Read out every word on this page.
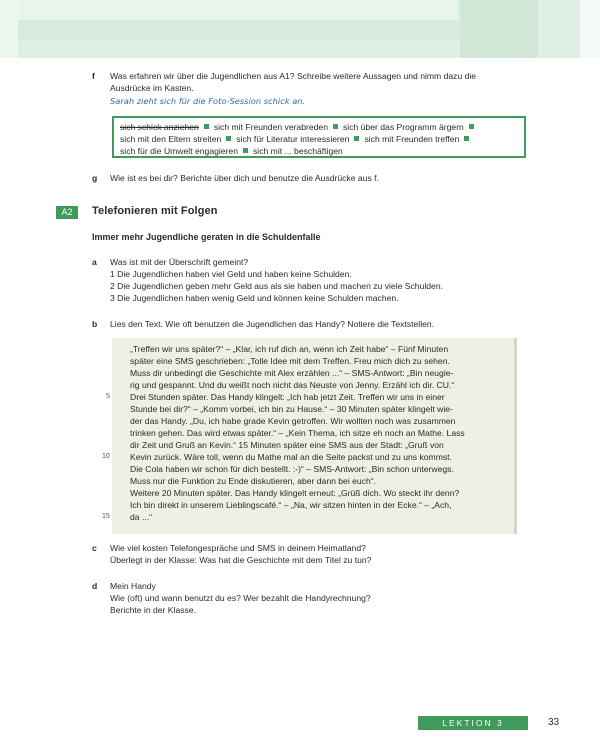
f Was erfahren wir über die Jugendlichen aus A1? Schreibe weitere Aussagen und nimm dazu die
Ausdrücke im Kasten.
Sarah zieht sich für die Foto-Session schick an.
sich schick anziehen sich mit Freunden verabreden sich über das Programm ärgern
sich mit den Eltern streiten sich für Literatur interessieren sich mit Freunden treffen
sich für die Umwelt engagieren sich mit ... beschäftigen
g Wie ist es bei dir? Berichte über dich und benutze die Ausdrücke aus f.
A2	Telefonieren mit Folgen
Immer mehr Jugendliche geraten in die Schuldenfalle
a Was ist mit der Überschrift gemeint?
1 Die Jugendlichen haben viel Geld und haben keine Schulden.
2 Die Jugendlichen geben mehr Geld aus als sie haben und machen zu viele Schulden.
3 Die Jugendlichen haben wenig Geld und können keine Schulden machen.
b Lies den Text. Wie oft benutzen die Jugendlichen das Handy? Notiere die Textstellen.
„Treffen wir uns später?“ – „Klar, ich ruf dich an, wenn ich Zeit habe“ – Fünf Minuten
später eine SMS geschrieben: „Tolle Idee mit dem Treffen. Freu mich dich zu sehen.
Muss dir unbedingt die Geschichte mit Alex erzählen ...“ – SMS-Antwort: „Bin neugie-
rig und gespannt. Und du weißt noch nicht das Neuste von Jenny. Erzähl ich dir. CU.“
Drei Stunden später. Das Handy klingelt: „Ich hab jetzt Zeit. Treffen wir uns in einer
Stunde bei dir?“ – „Komm vorbei, ich bin zu Hause.“ – 30 Minuten später klingelt wie-
der das Handy. „Du, ich habe grade Kevin getroffen. Wir wollten noch was zusammen
trinken gehen. Das wird etwas später.“ – „Kein Thema, ich sitze eh noch an Mathe. Lass
dir Zeit und Gruß an Kevin.“ 15 Minuten später eine SMS aus der Stadt: „Gruß von
Kevin zurück. Wäre toll, wenn du Mathe mal an die Seite packst und zu uns kommst.
Die Cola haben wir schon für dich bestellt. :-)“ – SMS-Antwort: „Bin schon unterwegs.
Muss nur die Funktion zu Ende diskutieren, aber dann bei euch“.
Weitere 20 Minuten später. Das Handy klingelt erneut: „Grüß dich. Wo steckt ihr denn?
Ich bin direkt in unserem Lieblingscafé.“ – „Na, wir sitzen hinten in der Ecke.“ – „Ach,
da ...“
5
10
15
c Wie viel kosten Telefongespräche und SMS in deinem Heimatland?
Überlegt in der Klasse: Was hat die Geschichte mit dem Titel zu tun?
d Mein Handy
Wie (oft) und wann benutzt du es? Wer bezahlt die Handyrechnung?
Berichte in der Klasse.
LEKTION 3	33
